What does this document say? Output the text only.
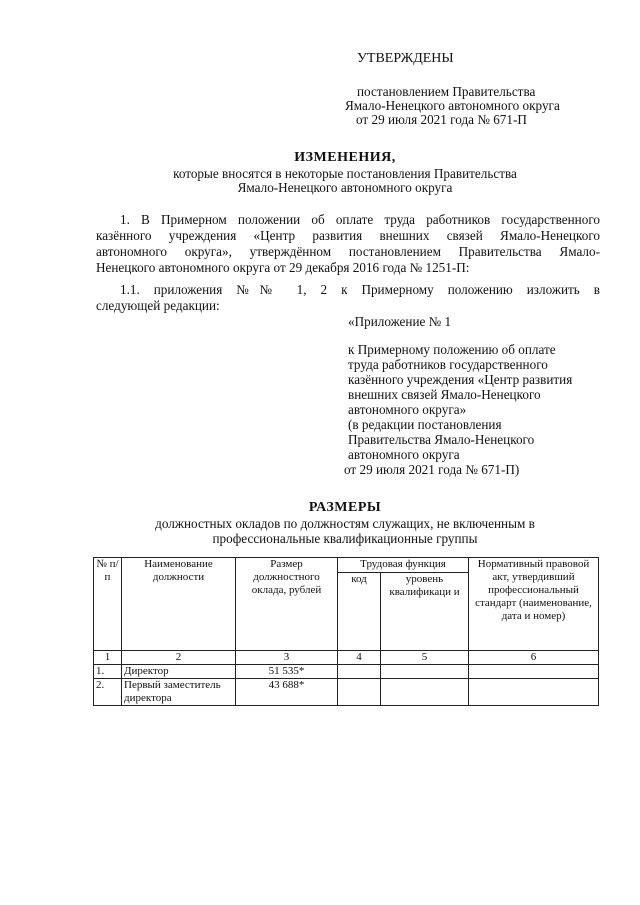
УТВЕРЖДЕНЫ
постановлением Правительства
Ямало-Ненецкого автономного округа
от 29 июля 2021 года № 671-П
ИЗМЕНЕНИЯ,
которые вносятся в некоторые постановления Правительства
Ямало-Ненецкого автономного округа
1. В Примерном положении об оплате труда работников государственного
казённого учреждения «Центр развития внешних связей Ямало-Ненецкого
автономного округа», утверждённом постановлением Правительства Ямало-
Ненецкого автономного округа от 29 декабря 2016 года № 1251-П:
1.1. приложения №№ 1, 2 к Примерному положению изложить в
следующей редакции:
«Приложение № 1
к Примерному положению об оплате
труда работников государственного
казённого учреждения «Центр развития
внешних связей Ямало-Ненецкого
автономного округа»
(в редакции постановления
Правительства Ямало-Ненецкого
автономного округа
от 29 июля 2021 года № 671-П)
РАЗМЕРЫ
должностных окладов по должностям служащих, не включенным в
профессиональные квалификационные группы
№ п/п	Наименование должности	Размер должностного оклада, рублей	Трудовая функция		Нормативный правовой акт, утвердивший профессиональный стандарт (наименование, дата и номер)
			код	уровень квалификаци и	
1	2	3	4	5	6
1.	Директор	51 535*			
2.	Первый заместитель директора	43 688*			
